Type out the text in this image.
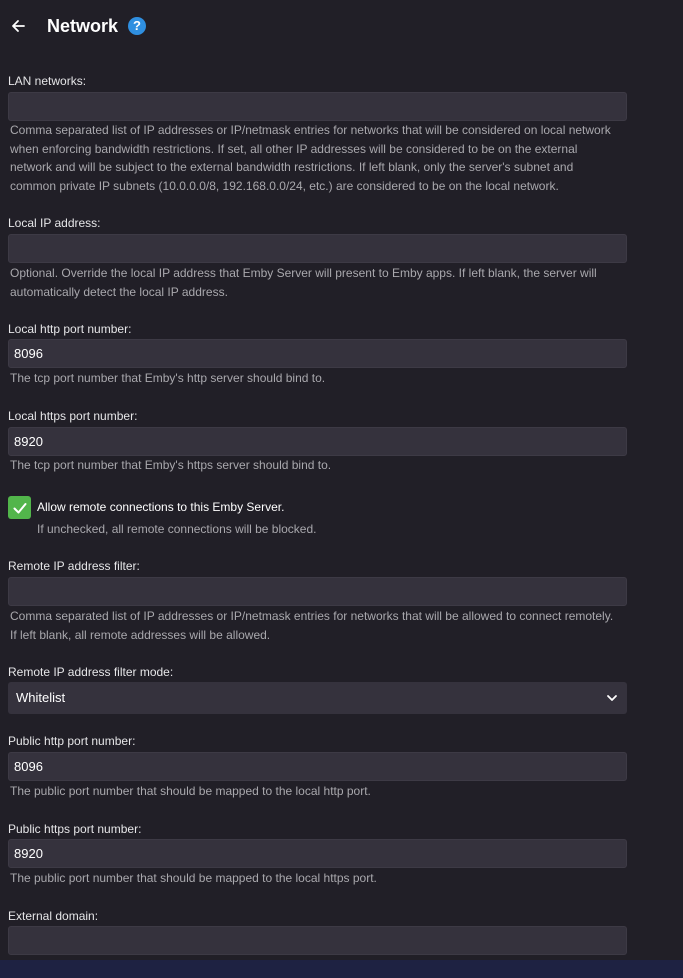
Network	?
LAN networks:
Comma separated list of IP addresses or IP/netmask entries for networks that will be considered on local network when enforcing bandwidth restrictions. If set, all other IP addresses will be considered to be on the external network and will be subject to the external bandwidth restrictions. If left blank, only the server's subnet and common private IP subnets (10.0.0.0/8, 192.168.0.0/24, etc.) are considered to be on the local network.
Local IP address:
Optional. Override the local IP address that Emby Server will present to Emby apps. If left blank, the server will automatically detect the local IP address.
Local http port number:
8096
The tcp port number that Emby's http server should bind to.
Local https port number:
8920
The tcp port number that Emby's https server should bind to.
Allow remote connections to this Emby Server.
If unchecked, all remote connections will be blocked.
Remote IP address filter:
Comma separated list of IP addresses or IP/netmask entries for networks that will be allowed to connect remotely. If left blank, all remote addresses will be allowed.
Remote IP address filter mode:
Whitelist
Public http port number:
8096
The public port number that should be mapped to the local http port.
Public https port number:
8920
The public port number that should be mapped to the local https port.
External domain:
